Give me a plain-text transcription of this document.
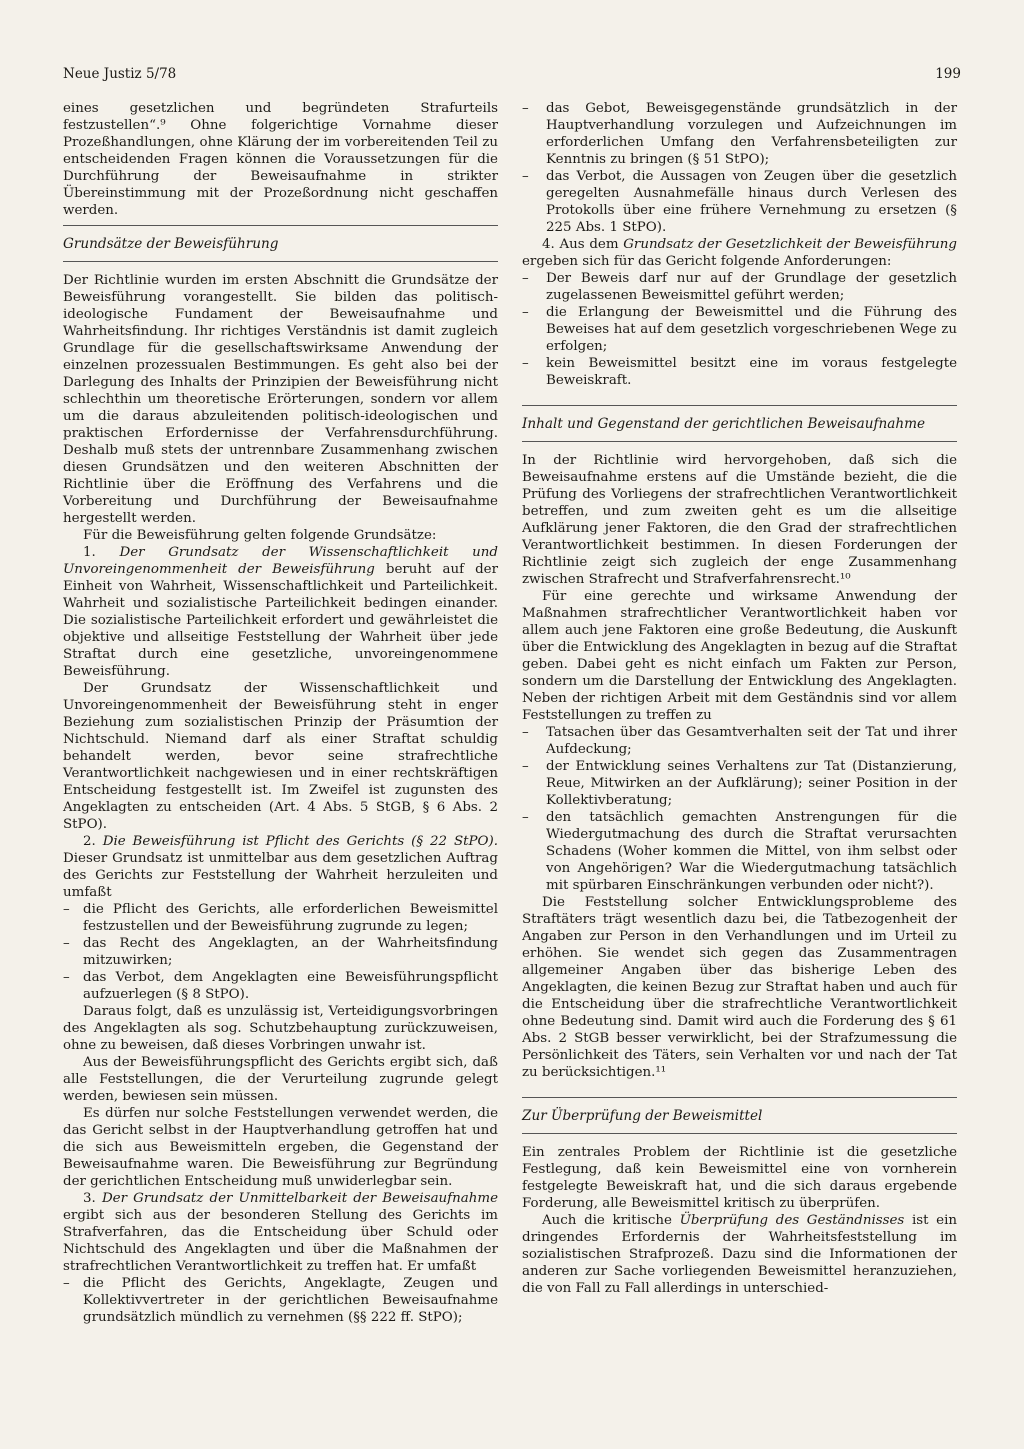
Neue Justiz 5/78	199

eines gesetzlichen und begründeten Strafurteils festzustellen“.⁹ Ohne folgerichtige Vornahme dieser Prozeßhandlungen, ohne Klärung der im vorbereitenden Teil zu entscheidenden Fragen können die Voraussetzungen für die Durchführung der Beweisaufnahme in strikter Übereinstimmung mit der Prozeßordnung nicht geschaffen werden.

Grundsätze der Beweisführung

Der Richtlinie wurden im ersten Abschnitt die Grundsätze der Beweisführung vorangestellt. Sie bilden das politisch-ideologische Fundament der Beweisaufnahme und Wahrheitsfindung. Ihr richtiges Verständnis ist damit zugleich Grundlage für die gesellschaftswirksame Anwendung der einzelnen prozessualen Bestimmungen. Es geht also bei der Darlegung des Inhalts der Prinzipien der Beweisführung nicht schlechthin um theoretische Erörterungen, sondern vor allem um die daraus abzuleitenden politisch-ideologischen und praktischen Erfordernisse der Verfahrensdurchführung. Deshalb muß stets der untrennbare Zusammenhang zwischen diesen Grundsätzen und den weiteren Abschnitten der Richtlinie über die Eröffnung des Verfahrens und die Vorbereitung und Durchführung der Beweisaufnahme hergestellt werden.

Für die Beweisführung gelten folgende Grundsätze:

1. Der Grundsatz der Wissenschaftlichkeit und Unvoreingenommenheit der Beweisführung beruht auf der Einheit von Wahrheit, Wissenschaftlichkeit und Parteilichkeit. Wahrheit und sozialistische Parteilichkeit bedingen einander. Die sozialistische Parteilichkeit erfordert und gewährleistet die objektive und allseitige Feststellung der Wahrheit über jede Straftat durch eine gesetzliche, unvoreingenommene Beweisführung.

Der Grundsatz der Wissenschaftlichkeit und Unvoreingenommenheit der Beweisführung steht in enger Beziehung zum sozialistischen Prinzip der Präsumtion der Nichtschuld. Niemand darf als einer Straftat schuldig behandelt werden, bevor seine strafrechtliche Verantwortlichkeit nachgewiesen und in einer rechtskräftigen Entscheidung festgestellt ist. Im Zweifel ist zugunsten des Angeklagten zu entscheiden (Art. 4 Abs. 5 StGB, § 6 Abs. 2 StPO).

2. Die Beweisführung ist Pflicht des Gerichts (§ 22 StPO). Dieser Grundsatz ist unmittelbar aus dem gesetzlichen Auftrag des Gerichts zur Feststellung der Wahrheit herzuleiten und umfaßt

– die Pflicht des Gerichts, alle erforderlichen Beweismittel festzustellen und der Beweisführung zugrunde zu legen;
– das Recht des Angeklagten, an der Wahrheitsfindung mitzuwirken;
– das Verbot, dem Angeklagten eine Beweisführungspflicht aufzuerlegen (§ 8 StPO).

Daraus folgt, daß es unzulässig ist, Verteidigungsvorbringen des Angeklagten als sog. Schutzbehauptung zurückzuweisen, ohne zu beweisen, daß dieses Vorbringen unwahr ist.

Aus der Beweisführungspflicht des Gerichts ergibt sich, daß alle Feststellungen, die der Verurteilung zugrunde gelegt werden, bewiesen sein müssen.

Es dürfen nur solche Feststellungen verwendet werden, die das Gericht selbst in der Hauptverhandlung getroffen hat und die sich aus Beweismitteln ergeben, die Gegenstand der Beweisaufnahme waren. Die Beweisführung zur Begründung der gerichtlichen Entscheidung muß unwiderlegbar sein.

3. Der Grundsatz der Unmittelbarkeit der Beweisaufnahme ergibt sich aus der besonderen Stellung des Gerichts im Strafverfahren, das die Entscheidung über Schuld oder Nichtschuld des Angeklagten und über die Maßnahmen der strafrechtlichen Verantwortlichkeit zu treffen hat. Er umfaßt

– die Pflicht des Gerichts, Angeklagte, Zeugen und Kollektivvertreter in der gerichtlichen Beweisaufnahme grundsätzlich mündlich zu vernehmen (§§ 222 ff. StPO);
– das Gebot, Beweisgegenstände grundsätzlich in der Hauptverhandlung vorzulegen und Aufzeichnungen im erforderlichen Umfang den Verfahrensbeteiligten zur Kenntnis zu bringen (§ 51 StPO);
– das Verbot, die Aussagen von Zeugen über die gesetzlich geregelten Ausnahmefälle hinaus durch Verlesen des Protokolls über eine frühere Vernehmung zu ersetzen (§ 225 Abs. 1 StPO).

4. Aus dem Grundsatz der Gesetzlichkeit der Beweisführung ergeben sich für das Gericht folgende Anforderungen:

– Der Beweis darf nur auf der Grundlage der gesetzlich zugelassenen Beweismittel geführt werden;
– die Erlangung der Beweismittel und die Führung des Beweises hat auf dem gesetzlich vorgeschriebenen Wege zu erfolgen;
– kein Beweismittel besitzt eine im voraus festgelegte Beweiskraft.
Inhalt und Gegenstand der gerichtlichen Beweisaufnahme

In der Richtlinie wird hervorgehoben, daß sich die Beweisaufnahme erstens auf die Umstände bezieht, die die Prüfung des Vorliegens der strafrechtlichen Verantwortlichkeit betreffen, und zum zweiten geht es um die allseitige Aufklärung jener Faktoren, die den Grad der strafrechtlichen Verantwortlichkeit bestimmen. In diesen Forderungen der Richtlinie zeigt sich zugleich der enge Zusammenhang zwischen Strafrecht und Strafverfahrensrecht.¹⁰

Für eine gerechte und wirksame Anwendung der Maßnahmen strafrechtlicher Verantwortlichkeit haben vor allem auch jene Faktoren eine große Bedeutung, die Auskunft über die Entwicklung des Angeklagten in bezug auf die Straftat geben. Dabei geht es nicht einfach um Fakten zur Person, sondern um die Darstellung der Entwicklung des Angeklagten. Neben der richtigen Arbeit mit dem Geständnis sind vor allem Feststellungen zu treffen zu

– Tatsachen über das Gesamtverhalten seit der Tat und ihrer Aufdeckung;
– der Entwicklung seines Verhaltens zur Tat (Distanzierung, Reue, Mitwirken an der Aufklärung); seiner Position in der Kollektivberatung;
– den tatsächlich gemachten Anstrengungen für die Wiedergutmachung des durch die Straftat verursachten Schadens (Woher kommen die Mittel, von ihm selbst oder von Angehörigen? War die Wiedergutmachung tatsächlich mit spürbaren Einschränkungen verbunden oder nicht?).

Die Feststellung solcher Entwicklungsprobleme des Straftäters trägt wesentlich dazu bei, die Tatbezogenheit der Angaben zur Person in den Verhandlungen und im Urteil zu erhöhen. Sie wendet sich gegen das Zusammentragen allgemeiner Angaben über das bisherige Leben des Angeklagten, die keinen Bezug zur Straftat haben und auch für die Entscheidung über die strafrechtliche Verantwortlichkeit ohne Bedeutung sind. Damit wird auch die Forderung des § 61 Abs. 2 StGB besser verwirklicht, bei der Strafzumessung die Persönlichkeit des Täters, sein Verhalten vor und nach der Tat zu berücksichtigen.¹¹

Zur Überprüfung der Beweismittel

Ein zentrales Problem der Richtlinie ist die gesetzliche Festlegung, daß kein Beweismittel eine von vornherein festgelegte Beweiskraft hat, und die sich daraus ergebende Forderung, alle Beweismittel kritisch zu überprüfen.

Auch die kritische Überprüfung des Geständnisses ist ein dringendes Erfordernis der Wahrheitsfeststellung im sozialistischen Strafprozeß. Dazu sind die Informationen der anderen zur Sache vorliegenden Beweismittel heranzuziehen, die von Fall zu Fall allerdings in unterschied-
